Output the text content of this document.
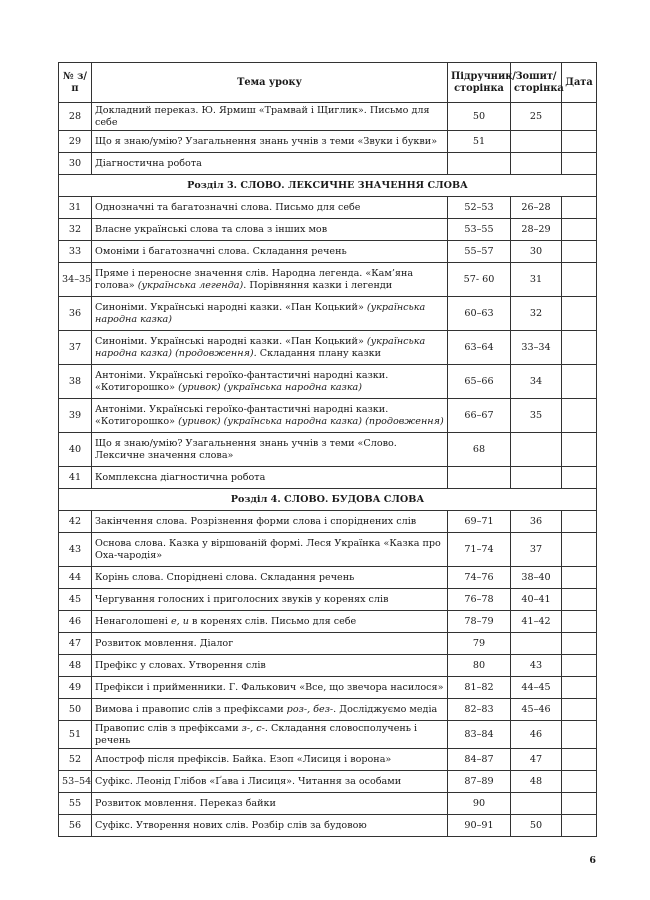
№ з/п	Тема уроку	Підручник/ сторінка	Зошит/ сторінка	Дата
28	Докладний переказ. Ю. Ярмиш «Трамвай і Щиглик». Письмо для себе	50	25	
29	Що я знаю/умію? Узагальнення знань учнів з теми «Звуки і букви»	51		
30	Діагностична робота			
Розділ 3. СЛОВО. ЛЕКСИЧНЕ ЗНАЧЕННЯ СЛОВА				
31	Однозначні та багатозначні слова. Письмо для себе	52–53	26–28	
32	Власне українські слова та слова з інших мов	53–55	28–29	
33	Омоніми і багатозначні слова. Складання речень	55–57	30	
34–35	Пряме і переносне значення слів. Народна легенда. «Кам’яна голова» (українська легенда). Порівняння казки і легенди	57- 60	31	
36	Синоніми. Українські народні казки. «Пан Коцький» (українська народна казка)	60–63	32	
37	Синоніми. Українські народні казки. «Пан Коцький» (українська народна казка) (продовження). Складання плану казки	63–64	33–34	
38	Антоніми. Українські героїко-фантастичні народні казки. «Котигорошко» (уривок) (українська народна казка)	65–66	34	
39	Антоніми. Українські героїко-фантастичні народні казки. «Котигорошко» (уривок) (українська народна казка) (продовження)	66–67	35	
40	Що я знаю/умію? Узагальнення знань учнів з теми «Слово. Лексичне значення слова»	68		
41	Комплексна діагностична робота			
Розділ 4. СЛОВО. БУДОВА СЛОВА				
42	Закінчення слова. Розрізнення форми слова і споріднених слів	69–71	36	
43	Основа слова. Казка у віршованій формі. Леся Українка «Казка про Оха-чародія»	71–74	37	
44	Корінь слова. Споріднені слова. Складання речень	74–76	38–40	
45	Чергування голосних і приголосних звуків у коренях слів	76–78	40–41	
46	Ненаголошені е, и в коренях слів. Письмо для себе	78–79	41–42	
47	Розвиток мовлення. Діалог	79		
48	Префікс у словах. Утворення слів	80	43	
49	Префікси і прийменники. Г. Фалькович «Все, що звечора насилося»	81–82	44–45	
50	Вимова і правопис слів з префіксами роз-, без-. Досліджуємо медіа	82–83	45–46	
51	Правопис слів з префіксами з-, с-. Складання словосполучень і речень	83–84	46	
52	Апостроф після префіксів. Байка. Езоп «Лисиця і ворона»	84–87	47	
53–54	Суфікс. Леонід Глібов «Ґава і Лисиця». Читання за особами	87–89	48	
55	Розвиток мовлення. Переказ байки	90		
56	Суфікс. Утворення нових слів. Розбір слів за будовою	90–91	50	
6
